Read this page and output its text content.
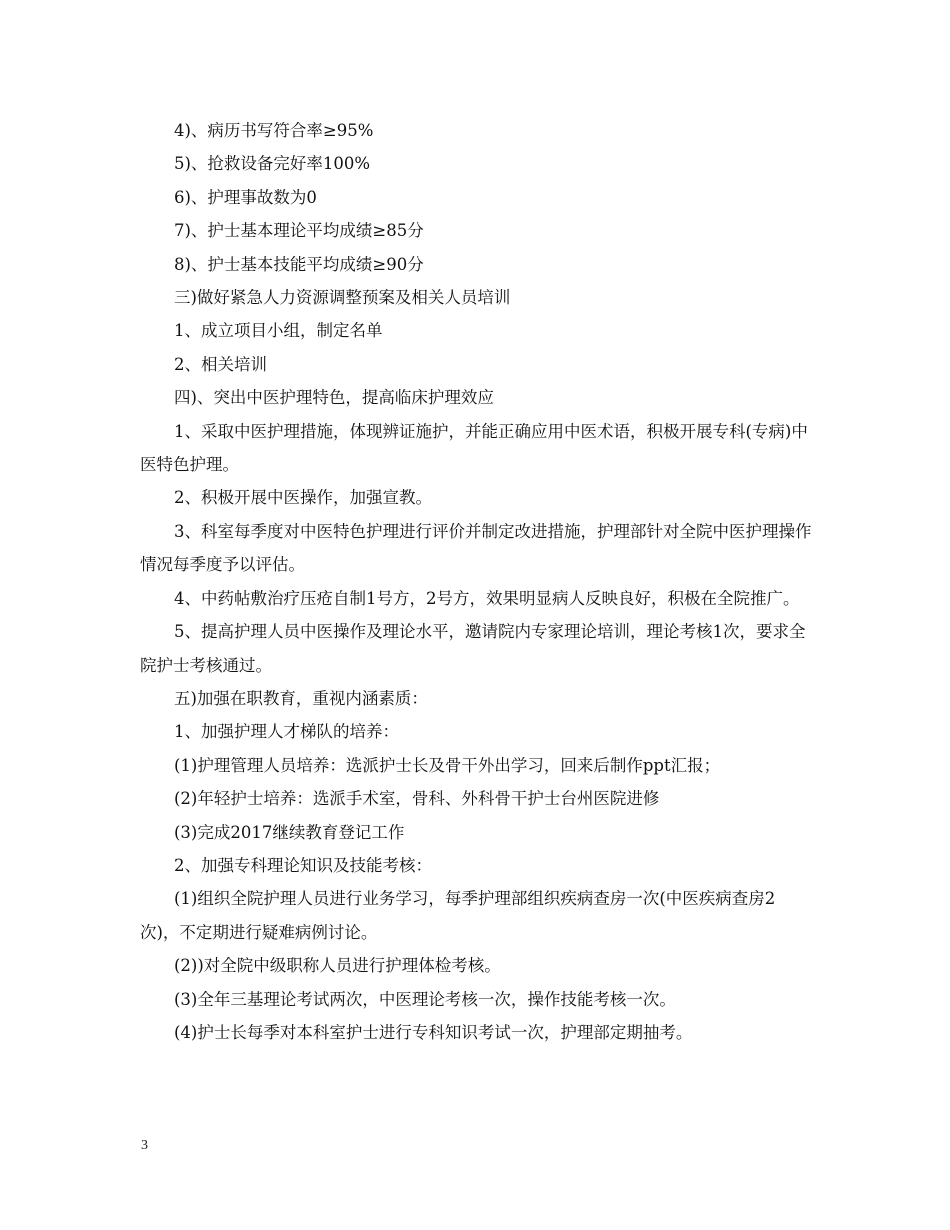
4)、病历书写符合率≥95%

5)、抢救设备完好率100%

6)、护理事故数为0

7)、护士基本理论平均成绩≥85分

8)、护士基本技能平均成绩≥90分

三)做好紧急人力资源调整预案及相关人员培训

1、成立项目小组，制定名单

2、相关培训

四)、突出中医护理特色，提高临床护理效应

1、采取中医护理措施，体现辨证施护，并能正确应用中医术语，积极开展专科(专病)中医特色护理。

2、积极开展中医操作，加强宣教。

3、科室每季度对中医特色护理进行评价并制定改进措施，护理部针对全院中医护理操作情况每季度予以评估。

4、中药帖敷治疗压疮自制1号方，2号方，效果明显病人反映良好，积极在全院推广。

5、提高护理人员中医操作及理论水平，邀请院内专家理论培训，理论考核1次，要求全院护士考核通过。

五)加强在职教育，重视内涵素质：

1、加强护理人才梯队的培养：

(1)护理管理人员培养：选派护士长及骨干外出学习，回来后制作ppt汇报；

(2)年轻护士培养：选派手术室，骨科、外科骨干护士台州医院进修

(3)完成2017继续教育登记工作

2、加强专科理论知识及技能考核：

(1)组织全院护理人员进行业务学习，每季护理部组织疾病查房一次(中医疾病查房2次)，不定期进行疑难病例讨论。

(2))对全院中级职称人员进行护理体检考核。

(3)全年三基理论考试两次，中医理论考核一次，操作技能考核一次。

(4)护士长每季对本科室护士进行专科知识考试一次，护理部定期抽考。

3
